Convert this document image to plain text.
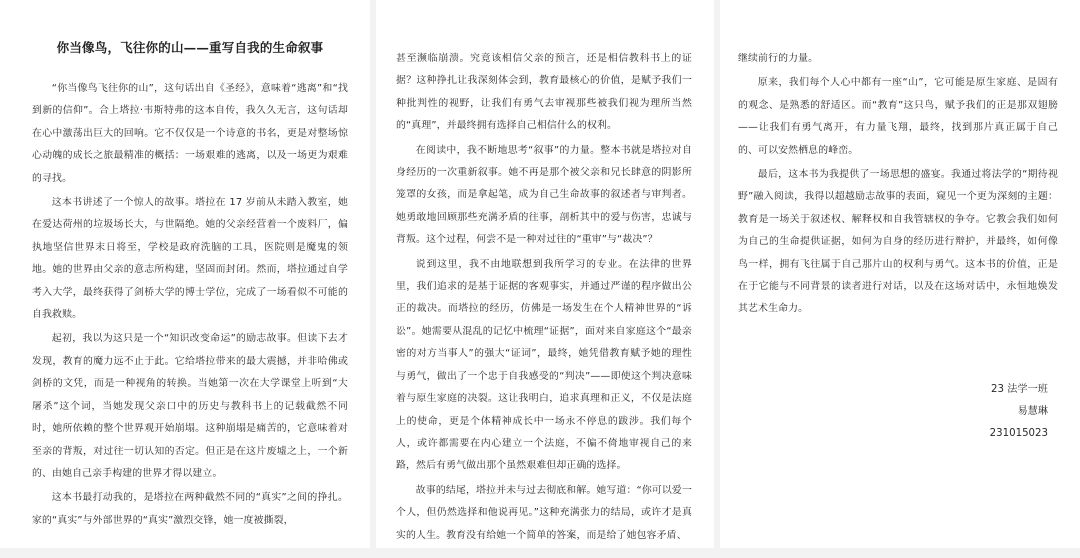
你当像鸟，飞往你的山——重写自我的生命叙事

“你当像鸟飞往你的山”，这句话出自《圣经》，意味着“逃离”和“找到新的信仰”。合上塔拉·韦斯特弗的这本自传，我久久无言，这句话却在心中激荡出巨大的回响。它不仅仅是一个诗意的书名，更是对整场惊心动魄的成长之旅最精准的概括：一场艰难的逃离，以及一场更为艰难的寻找。

这本书讲述了一个惊人的故事。塔拉在 17 岁前从未踏入教室，她在爱达荷州的垃圾场长大，与世隔绝。她的父亲经营着一个废料厂，偏执地坚信世界末日将至，学校是政府洗脑的工具，医院则是魔鬼的领地。她的世界由父亲的意志所构建，坚固而封闭。然而，塔拉通过自学考入大学，最终获得了剑桥大学的博士学位，完成了一场看似不可能的自我救赎。

起初，我以为这只是一个“知识改变命运”的励志故事。但读下去才发现，教育的魔力远不止于此。它给塔拉带来的最大震撼，并非哈佛或剑桥的文凭，而是一种视角的转换。当她第一次在大学课堂上听到“大屠杀”这个词，当她发现父亲口中的历史与教科书上的记载截然不同时，她所依赖的整个世界观开始崩塌。这种崩塌是痛苦的，它意味着对至亲的背叛，对过往一切认知的否定。但正是在这片废墟之上，一个新的、由她自己亲手构建的世界才得以建立。

这本书最打动我的，是塔拉在两种截然不同的“真实”之间的挣扎。家的“真实”与外部世界的“真实”激烈交锋，她一度被撕裂，

甚至濒临崩溃。究竟该相信父亲的预言，还是相信教科书上的证据？这种挣扎让我深刻体会到，教育最核心的价值，是赋予我们一种批判性的视野，让我们有勇气去审视那些被我们视为理所当然的“真理”，并最终拥有选择自己相信什么的权利。

在阅读中，我不断地思考“叙事”的力量。整本书就是塔拉对自身经历的一次重新叙事。她不再是那个被父亲和兄长肆意的阴影所笼罩的女孩，而是拿起笔，成为自己生命故事的叙述者与审判者。她勇敢地回顾那些充满矛盾的往事，剖析其中的爱与伤害，忠诚与背叛。这个过程，何尝不是一种对过往的“重审”与“裁决”？

说到这里，我不由地联想到我所学习的专业。在法律的世界里，我们追求的是基于证据的客观事实，并通过严谨的程序做出公正的裁决。而塔拉的经历，仿佛是一场发生在个人精神世界的“诉讼”。她需要从混乱的记忆中梳理“证据”，面对来自家庭这个“最亲密的对方当事人”的强大“证词”，最终，她凭借教育赋予她的理性与勇气，做出了一个忠于自我感受的“判决”——即使这个判决意味着与原生家庭的决裂。这让我明白，追求真理和正义，不仅是法庭上的使命，更是个体精神成长中一场永不停息的跋涉。我们每个人，或许都需要在内心建立一个法庭，不偏不倚地审视自己的来路，然后有勇气做出那个虽然艰难但却正确的选择。

故事的结尾，塔拉并未与过去彻底和解。她写道：“你可以爱一个人，但仍然选择和他说再见。”这种充满张力的结局，或许才是真实的人生。教育没有给她一个简单的答案，而是给了她包容矛盾、

继续前行的力量。

原来，我们每个人心中都有一座“山”，它可能是原生家庭、是固有的观念、是熟悉的舒适区。而“教育”这只鸟，赋予我们的正是那双翅膀——让我们有勇气离开，有力量飞翔，最终，找到那片真正属于自己的、可以安然栖息的峰峦。

最后，这本书为我提供了一场思想的盛宴。我通过将法学的“期待视野”融入阅读，我得以超越励志故事的表面，窥见一个更为深刻的主题：教育是一场关于叙述权、解释权和自我管辖权的争夺。它教会我们如何为自己的生命提供证据，如何为自身的经历进行辩护，并最终，如何像鸟一样，拥有飞往属于自己那片山的权利与勇气。这本书的价值，正是在于它能与不同背景的读者进行对话，以及在这场对话中，永恒地焕发其艺术生命力。

23 法学一班
易慧琳
231015023
